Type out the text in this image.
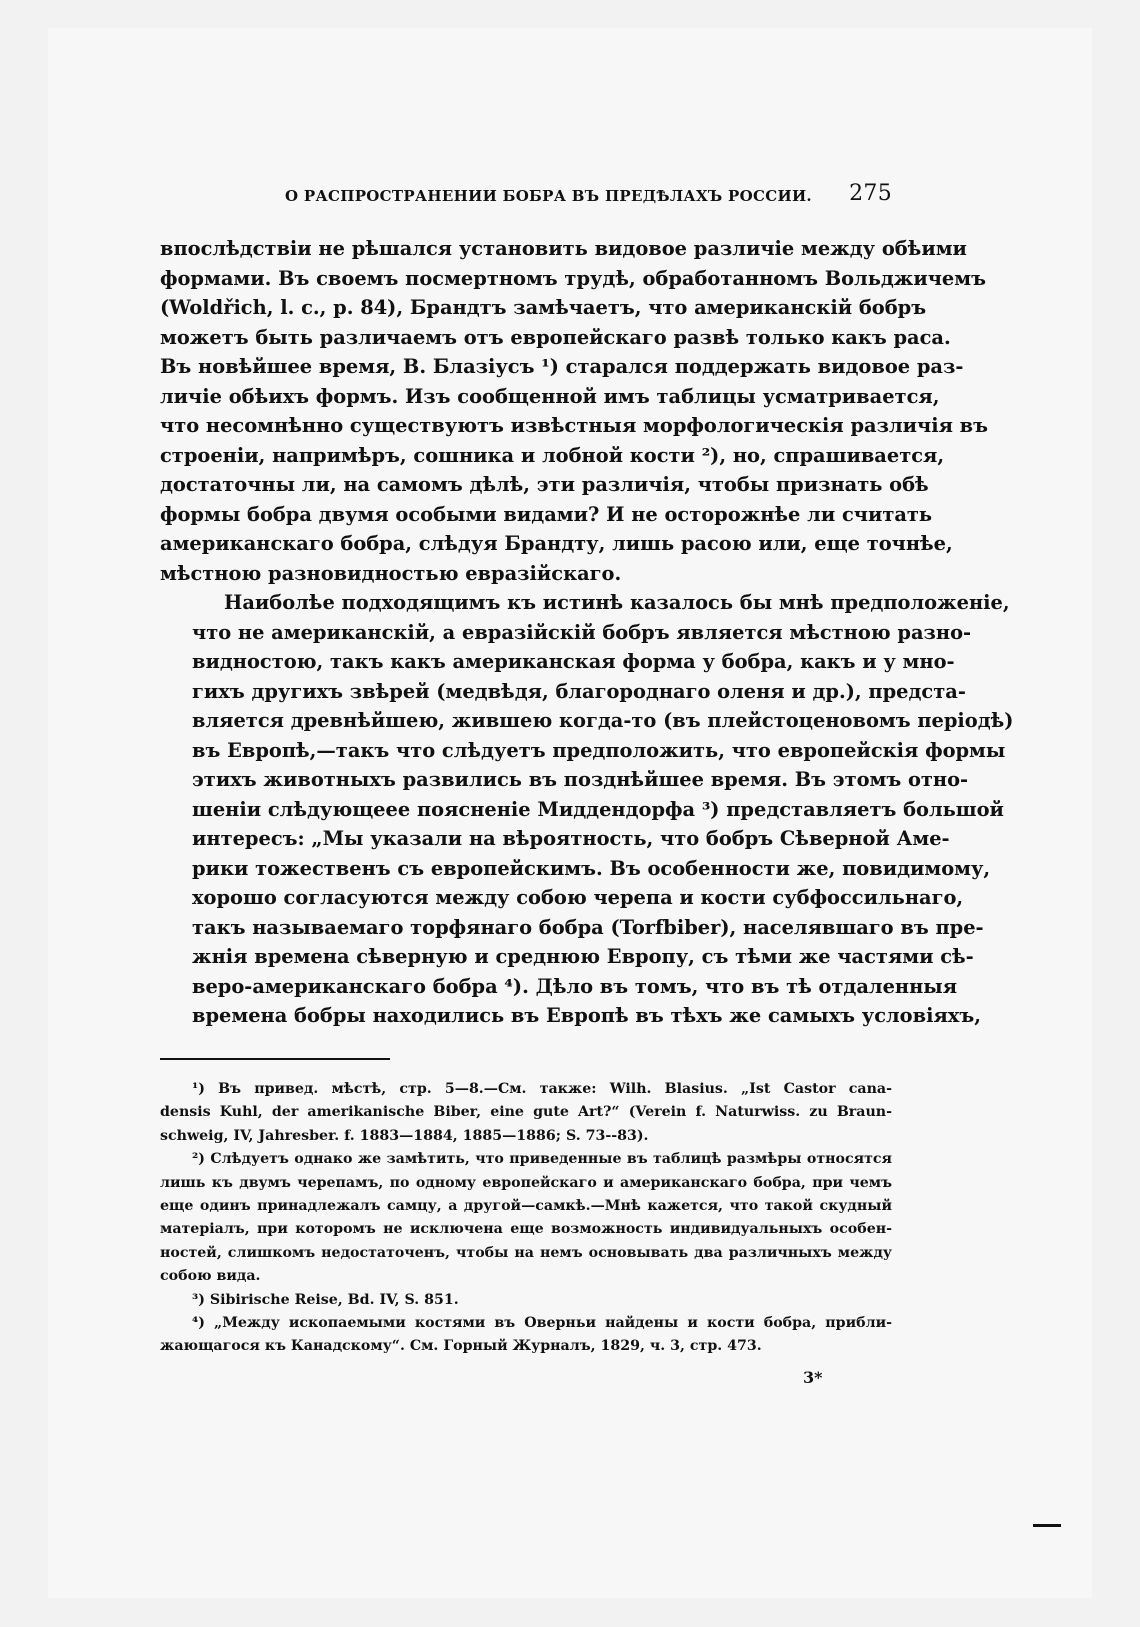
О РАСПРОСТРАНЕНИИ БОБРА ВЪ ПРЕДѢЛАХЪ РОССИИ. 275

впослѣдствіи не рѣшался установить видовое различіе между обѣими
формами. Въ своемъ посмертномъ трудѣ, обработанномъ Вольджичемъ
(Woldřich, l. c., p. 84), Брандтъ замѣчаетъ, что американскій бобръ
можетъ быть различаемъ отъ европейскаго развѣ только какъ раса.
Въ новѣйшее время, В. Блазіусъ ¹) старался поддержать видовое раз-
личіе обѣихъ формъ. Изъ сообщенной имъ таблицы усматривается,
что несомнѣнно существуютъ извѣстныя морфологическія различія въ
строеніи, напримѣръ, сошника и лобной кости ²), но, спрашивается,
достаточны ли, на самомъ дѣлѣ, эти различія, чтобы признать обѣ
формы бобра двумя особыми видами? И не осторожнѣе ли считать
американскаго бобра, слѣдуя Брандту, лишь расою или, еще точнѣе,
мѣстною разновидностью евразійскаго.

Наиболѣе подходящимъ къ истинѣ казалось бы мнѣ предположеніе,
что не американскій, а евразійскій бобръ является мѣстною разно-
видностою, такъ какъ американская форма у бобра, какъ и у мно-
гихъ другихъ звѣрей (медвѣдя, благороднаго оленя и др.), предста-
вляется древнѣйшею, жившею когда-то (въ плейстоценовомъ періодѣ)
въ Европѣ,—такъ что слѣдуетъ предположить, что европейскія формы
этихъ животныхъ развились въ позднѣйшее время. Въ этомъ отно-
шеніи слѣдующеее поясненіе Миддендорфа ³) представляетъ большой
интересъ: „Мы указали на вѣроятность, что бобръ Сѣверной Аме-
рики тожественъ съ европейскимъ. Въ особенности же, повидимому,
хорошо согласуются между собою черепа и кости субфоссильнаго,
такъ называемаго торфянаго бобра (Torfbiber), населявшаго въ пре-
жнія времена сѣверную и среднюю Европу, съ тѣми же частями сѣ-
веро-американскаго бобра ⁴). Дѣло въ томъ, что въ тѣ отдаленныя
времена бобры находились въ Европѣ въ тѣхъ же самыхъ условіяхъ,

¹) Въ привед. мѣстѣ, стр. 5—8.—См. также: Wilh. Blasius. „Ist Castor cana-
densis Kuhl, der amerikanische Biber, eine gute Art?“ (Verein f. Naturwiss. zu Braun-
schweig, IV, Jahresber. f. 1883—1884, 1885—1886; S. 73--83).
²) Слѣдуетъ однако же замѣтить, что приведенные въ таблицѣ размѣры относятся
лишь къ двумъ черепамъ, по одному европейскаго и американскаго бобра, при чемъ
еще одинъ принадлежалъ самцу, а другой—самкѣ.—Мнѣ кажется, что такой скудный
матеріалъ, при которомъ не исключена еще возможность индивидуальныхъ особен-
ностей, слишкомъ недостаточенъ, чтобы на немъ основывать два различныхъ между
собою вида.
³) Sibirische Reise, Bd. IV, S. 851.
⁴) „Между ископаемыми костями въ Оверньи найдены и кости бобра, прибли-
жающагося къ Канадскому“. См. Горный Журналъ, 1829, ч. 3, стр. 473.
3*
